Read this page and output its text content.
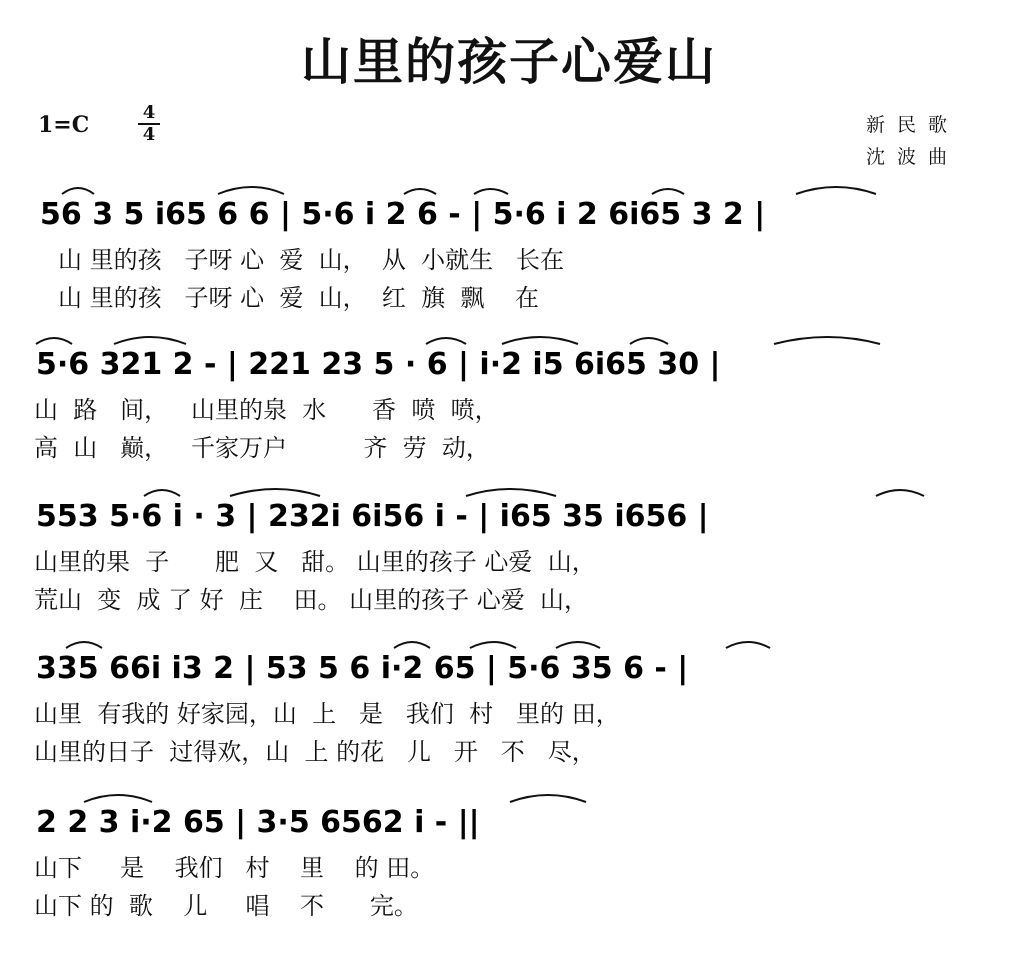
山里的孩子心爱山
1=C	4
4	新民歌
沈波曲
56 3 5 i65 6 6 | 5·6 i 2 6 - | 5·6 i 2 6i65 3 2 |
山 里的孩   子呀 心  爱  山，  从  小就生   长在
山 里的孩   子呀 心  爱  山，  红  旗  飘    在
5·6 321 2 - | 221 23 5 · 6 | i·2 i5 6i65 30 |
山  路   间，   山里的泉  水      香  喷  喷，
高  山   巅，   千家万户          齐  劳  动，
553 5·6 i · 3 | 232i 6i56 i - | i65 35 i656 |
山里的果  子      肥  又   甜。 山里的孩子 心爱  山，
荒山  变  成 了 好  庄    田。 山里的孩子 心爱  山，
335 66i i3 2 | 53 5 6 i·2 65 | 5·6 35 6 - |
山里  有我的 好家园，山  上   是   我们  村   里的 田，
山里的日子  过得欢，山  上 的花   儿   开   不   尽，
2 2 3 i·2 65 | 3·5 6562 i - ||
山下     是    我们   村    里    的 田。
山下 的  歌    儿     唱    不      完。
